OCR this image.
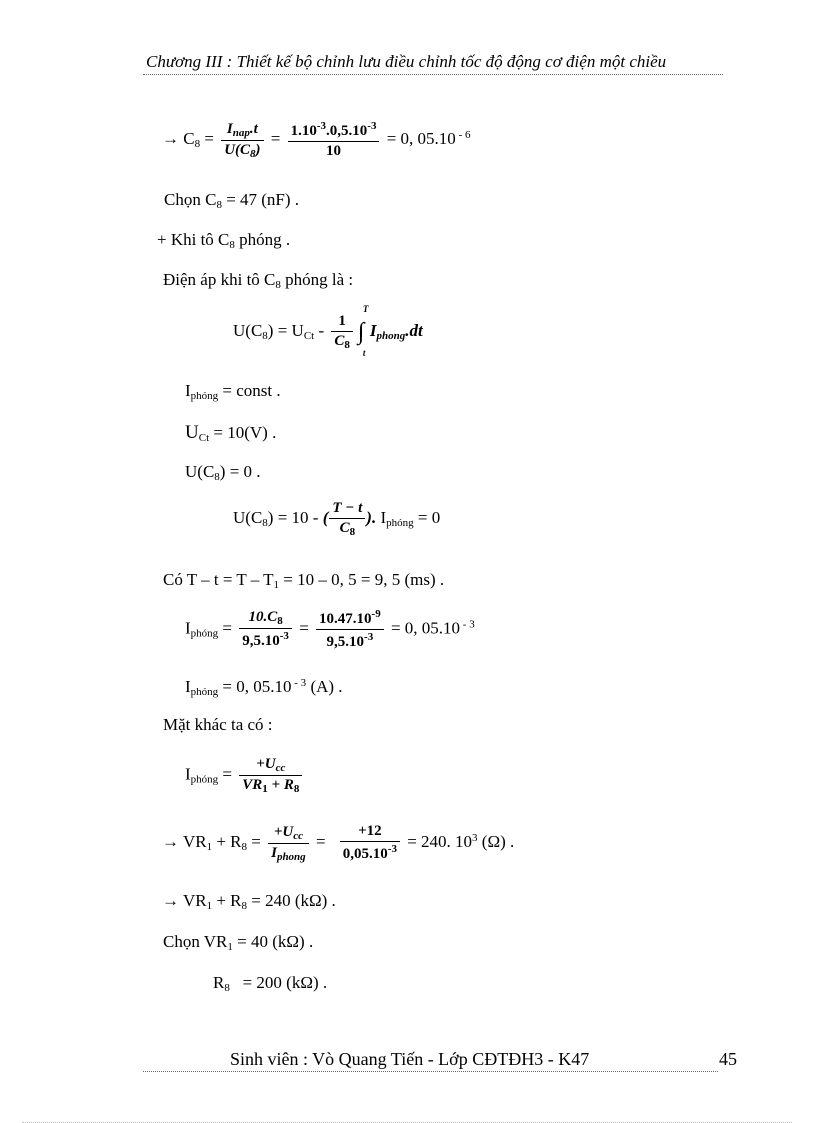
Chương III : Thiết kế bộ chỉnh lưu điều chỉnh tốc độ động cơ điện một chiều
→ $C_8 = \frac{I_{nap}.t}{U(C_8)} = \frac{1.10^{-3}.0,5.10^{-3}}{10} = 0$, 05.10 $^{- 6}$
Chọn $C_8 = 47$ (nF) .
+ Khi tô $C_8$ phóng .
Điện áp khi tô $C_8$ phóng là :
$U(C_8) = U_{Ct} - \frac{1}{C_8}$
T
∫
t
$I_{phong}.dt$
$I_{phóng}$ = const .
$U_{Ct} = 10(V)$ .
$U(C_8) = 0$ .
$U(C_8) = 10$ - ( $\frac{T - t}{C_8}$ ). $I_{phóng} = 0$
Có $T - t = T - T_1 = 10 - 0$, 5 = 9, 5 (ms) .
$I_{phóng} = \frac{10.C_8}{9,5.10^{-3}} = \frac{10.47.10^{-9}}{9,5.10^{-3}} = 0$, 05.10 $^{- 3}$
$I_{phóng} = 0$, 05.10 $^{- 3}$ (A) .
Mặt khác ta có :
$I_{phóng} = \frac{+U_{cc}}{VR_1 + R_8}$
→ $VR_1 + R_8 = \frac{+U_{cc}}{I_{phong}} = \frac{+12}{0,05.10^{-3}} = 240$. $10^3$ (Ω) .
→ $VR_1 + R_8 = 240$ (kΩ) .
Chọn $VR_1 = 40$ (kΩ) .
$R_8 = 200$ (kΩ) .
Sinh viên : Vò Quang Tiến - Lớp CĐTĐH3 - K47	45
